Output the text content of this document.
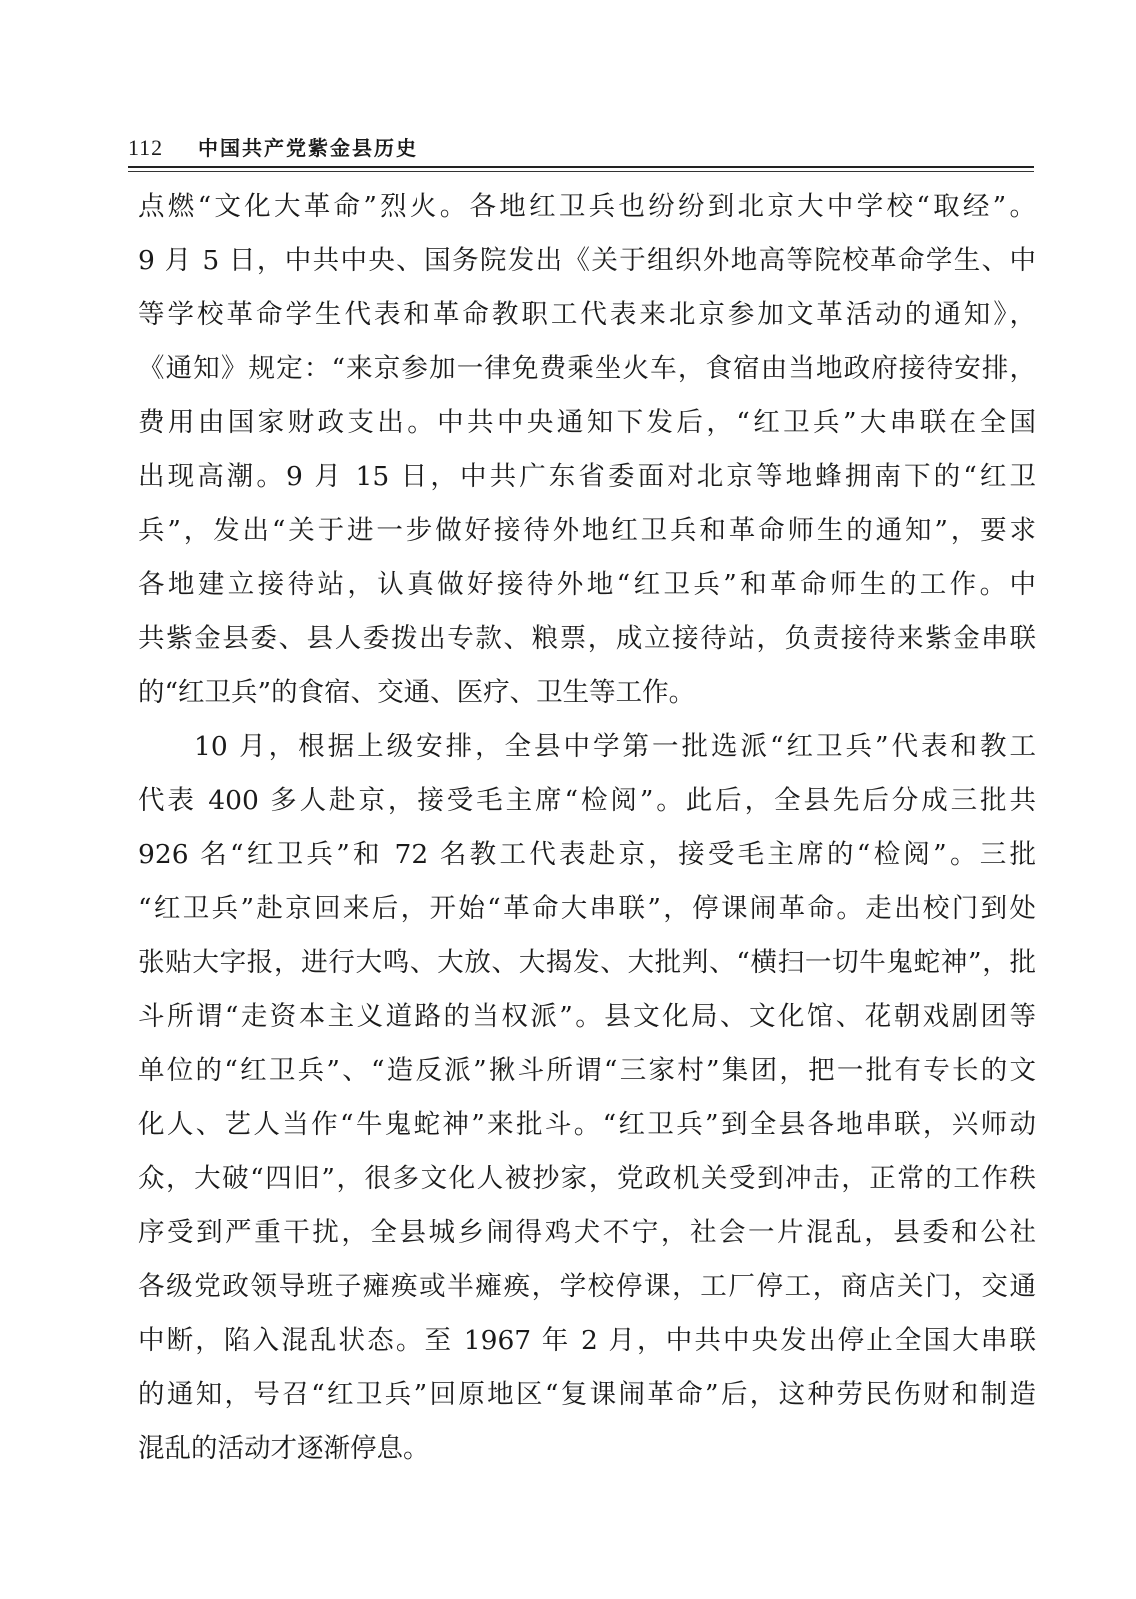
112	中国共产党紫金县历史
点燃“文化大革命”烈火。各地红卫兵也纷纷到北京大中学校“取经”。
9 月 5 日，中共中央、国务院发出《关于组织外地高等院校革命学生、中
等学校革命学生代表和革命教职工代表来北京参加文革活动的通知》，
《通知》规定：“来京参加一律免费乘坐火车，食宿由当地政府接待安排，
费用由国家财政支出。中共中央通知下发后，“红卫兵”大串联在全国
出现高潮。9 月 15 日，中共广东省委面对北京等地蜂拥南下的“红卫
兵”，发出“关于进一步做好接待外地红卫兵和革命师生的通知”，要求
各地建立接待站，认真做好接待外地“红卫兵”和革命师生的工作。中
共紫金县委、县人委拨出专款、粮票，成立接待站，负责接待来紫金串联
的“红卫兵”的食宿、交通、医疗、卫生等工作。
10 月，根据上级安排，全县中学第一批选派“红卫兵”代表和教工
代表 400 多人赴京，接受毛主席“检阅”。此后，全县先后分成三批共
926 名“红卫兵”和 72 名教工代表赴京，接受毛主席的“检阅”。三批
“红卫兵”赴京回来后，开始“革命大串联”，停课闹革命。走出校门到处
张贴大字报，进行大鸣、大放、大揭发、大批判、“横扫一切牛鬼蛇神”，批
斗所谓“走资本主义道路的当权派”。县文化局、文化馆、花朝戏剧团等
单位的“红卫兵”、“造反派”揪斗所谓“三家村”集团，把一批有专长的文
化人、艺人当作“牛鬼蛇神”来批斗。“红卫兵”到全县各地串联，兴师动
众，大破“四旧”，很多文化人被抄家，党政机关受到冲击，正常的工作秩
序受到严重干扰，全县城乡闹得鸡犬不宁，社会一片混乱，县委和公社
各级党政领导班子瘫痪或半瘫痪，学校停课，工厂停工，商店关门，交通
中断，陷入混乱状态。至 1967 年 2 月，中共中央发出停止全国大串联
的通知，号召“红卫兵”回原地区“复课闹革命”后，这种劳民伤财和制造
混乱的活动才逐渐停息。
